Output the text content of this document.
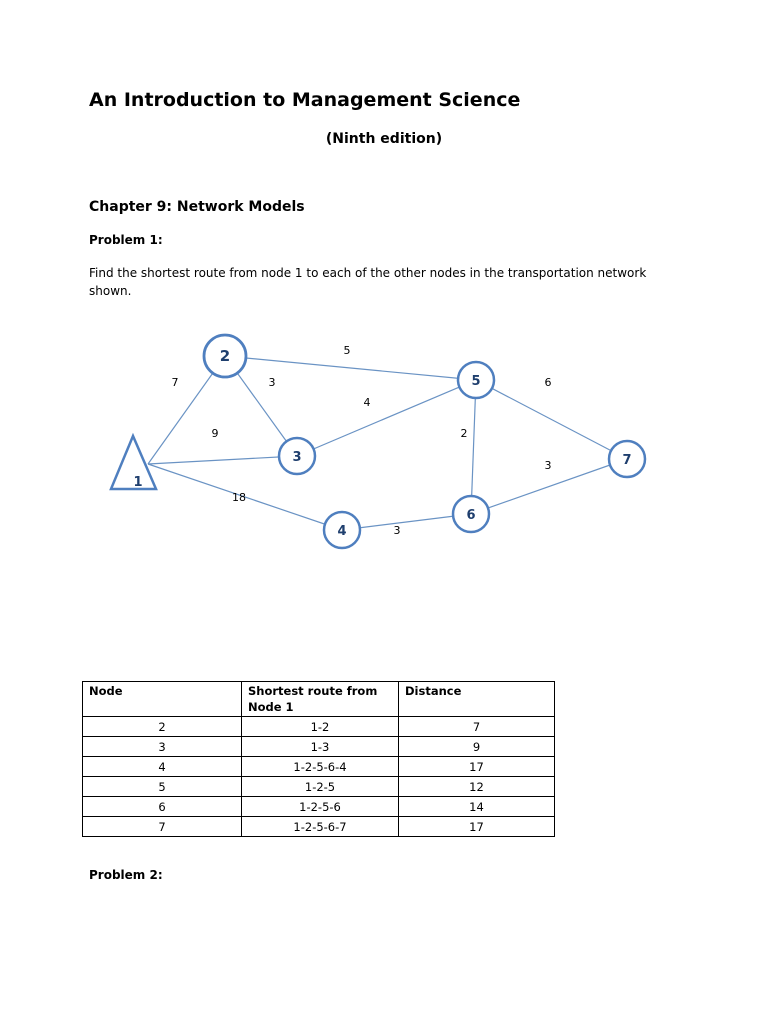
An Introduction to Management Science
(Ninth edition)
Chapter 9: Network Models
Problem 1:
Find the shortest route from node 1 to each of the other nodes in the transportation network shown.
7
9
18
3
5
4
2
6
3
3
1
2
3
4
5
6
7
Node	Shortest route from Node 1	Distance
2	1-2	7
3	1-3	9
4	1-2-5-6-4	17
5	1-2-5	12
6	1-2-5-6	14
7	1-2-5-6-7	17
Problem 2:
